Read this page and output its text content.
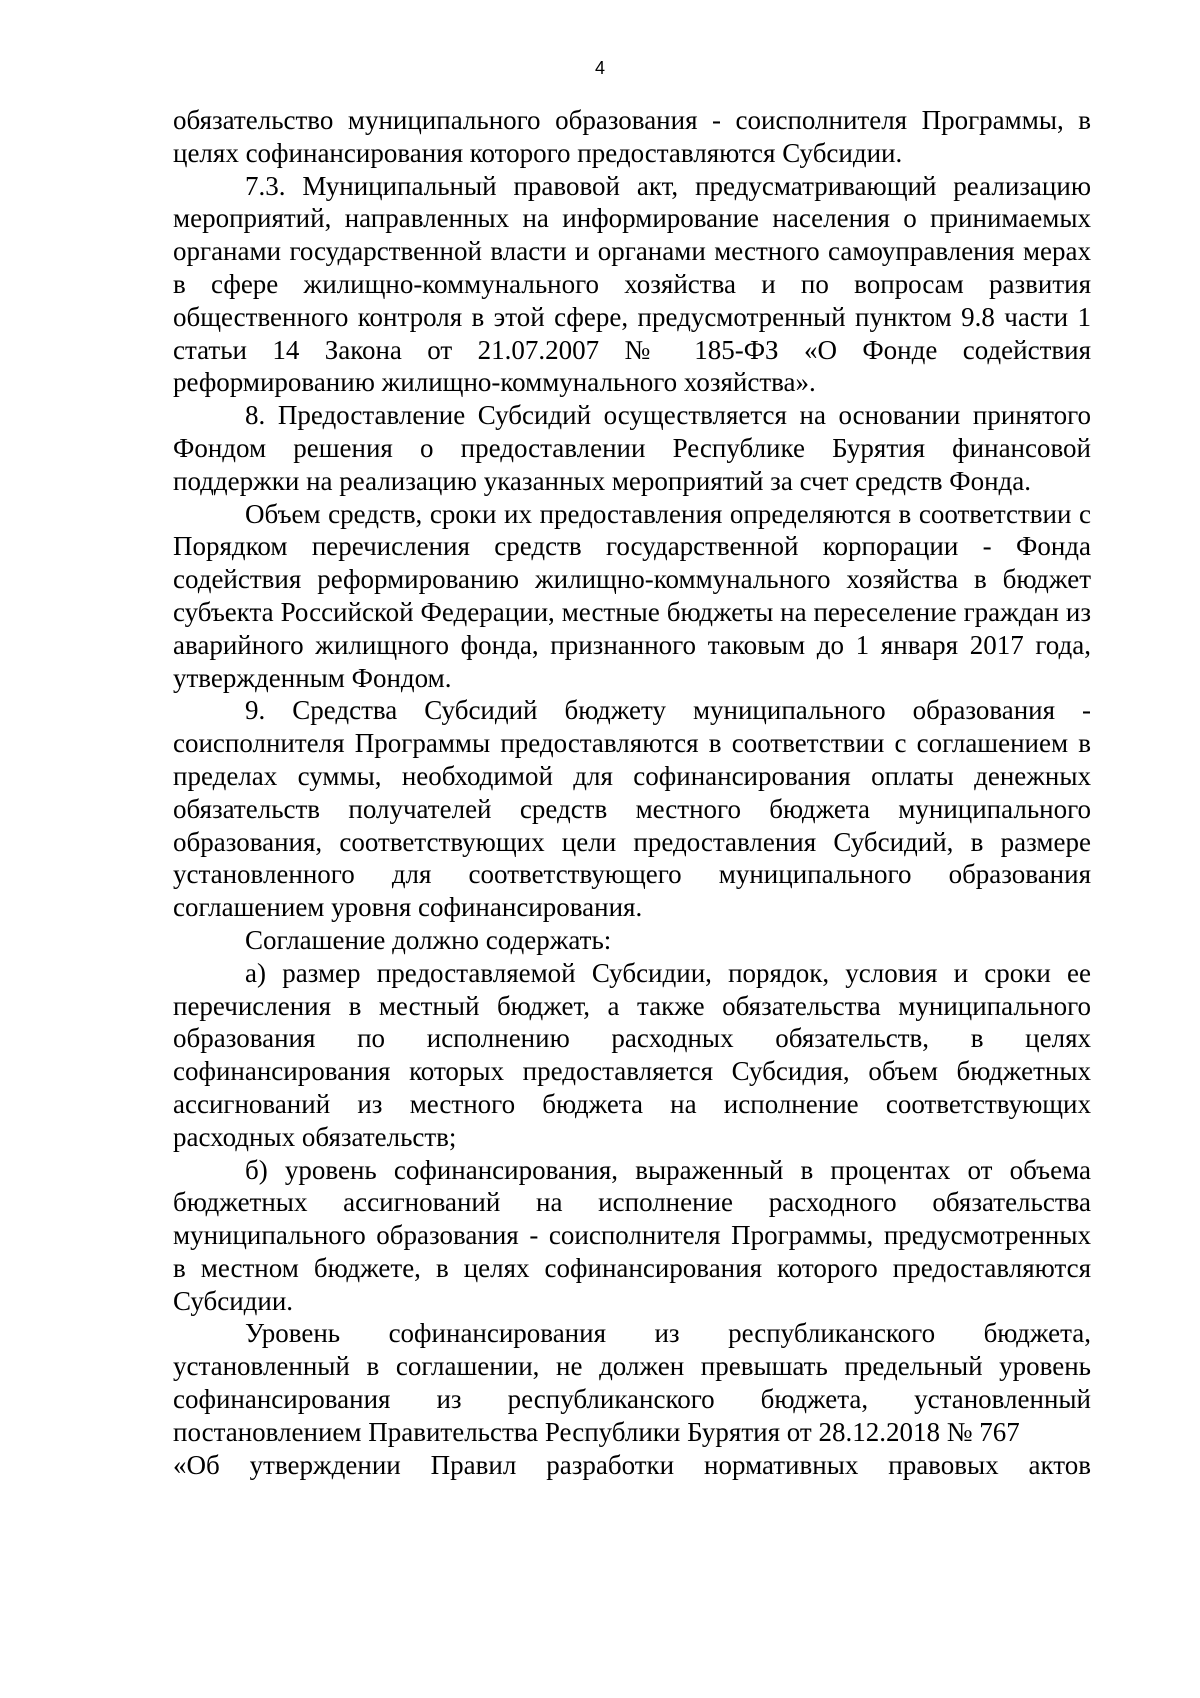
4

обязательство муниципального образования - соисполнителя Программы, в целях софинансирования которого предоставляются Субсидии.

7.3. Муниципальный правовой акт, предусматривающий реализацию мероприятий, направленных на информирование населения о принимаемых органами государственной власти и органами местного самоуправления мерах в сфере жилищно-коммунального хозяйства и по вопросам развития общественного контроля в этой сфере, предусмотренный пунктом 9.8 части 1 статьи 14 Закона от 21.07.2007 № 185-ФЗ «О Фонде содействия реформированию жилищно-коммунального хозяйства».

8. Предоставление Субсидий осуществляется на основании принятого Фондом решения о предоставлении Республике Бурятия финансовой поддержки на реализацию указанных мероприятий за счет средств Фонда.

Объем средств, сроки их предоставления определяются в соответствии с Порядком перечисления средств государственной корпорации - Фонда содействия реформированию жилищно-коммунального хозяйства в бюджет субъекта Российской Федерации, местные бюджеты на переселение граждан из аварийного жилищного фонда, признанного таковым до 1 января 2017 года, утвержденным Фондом.

9. Средства Субсидий бюджету муниципального образования - соисполнителя Программы предоставляются в соответствии с соглашением в пределах суммы, необходимой для софинансирования оплаты денежных обязательств получателей средств местного бюджета муниципального образования, соответствующих цели предоставления Субсидий, в размере установленного для соответствующего муниципального образования соглашением уровня софинансирования.

Соглашение должно содержать:

а) размер предоставляемой Субсидии, порядок, условия и сроки ее перечисления в местный бюджет, а также обязательства муниципального образования по исполнению расходных обязательств, в целях софинансирования которых предоставляется Субсидия, объем бюджетных ассигнований из местного бюджета на исполнение соответствующих расходных обязательств;

б) уровень софинансирования, выраженный в процентах от объема бюджетных ассигнований на исполнение расходного обязательства муниципального образования - соисполнителя Программы, предусмотренных в местном бюджете, в целях софинансирования которого предоставляются Субсидии.

Уровень софинансирования из республиканского бюджета, установленный в соглашении, не должен превышать предельный уровень софинансирования из республиканского бюджета, установленный постановлением Правительства Республики Бурятия от 28.12.2018 № 767

«Об утверждении Правил разработки нормативных правовых актов
